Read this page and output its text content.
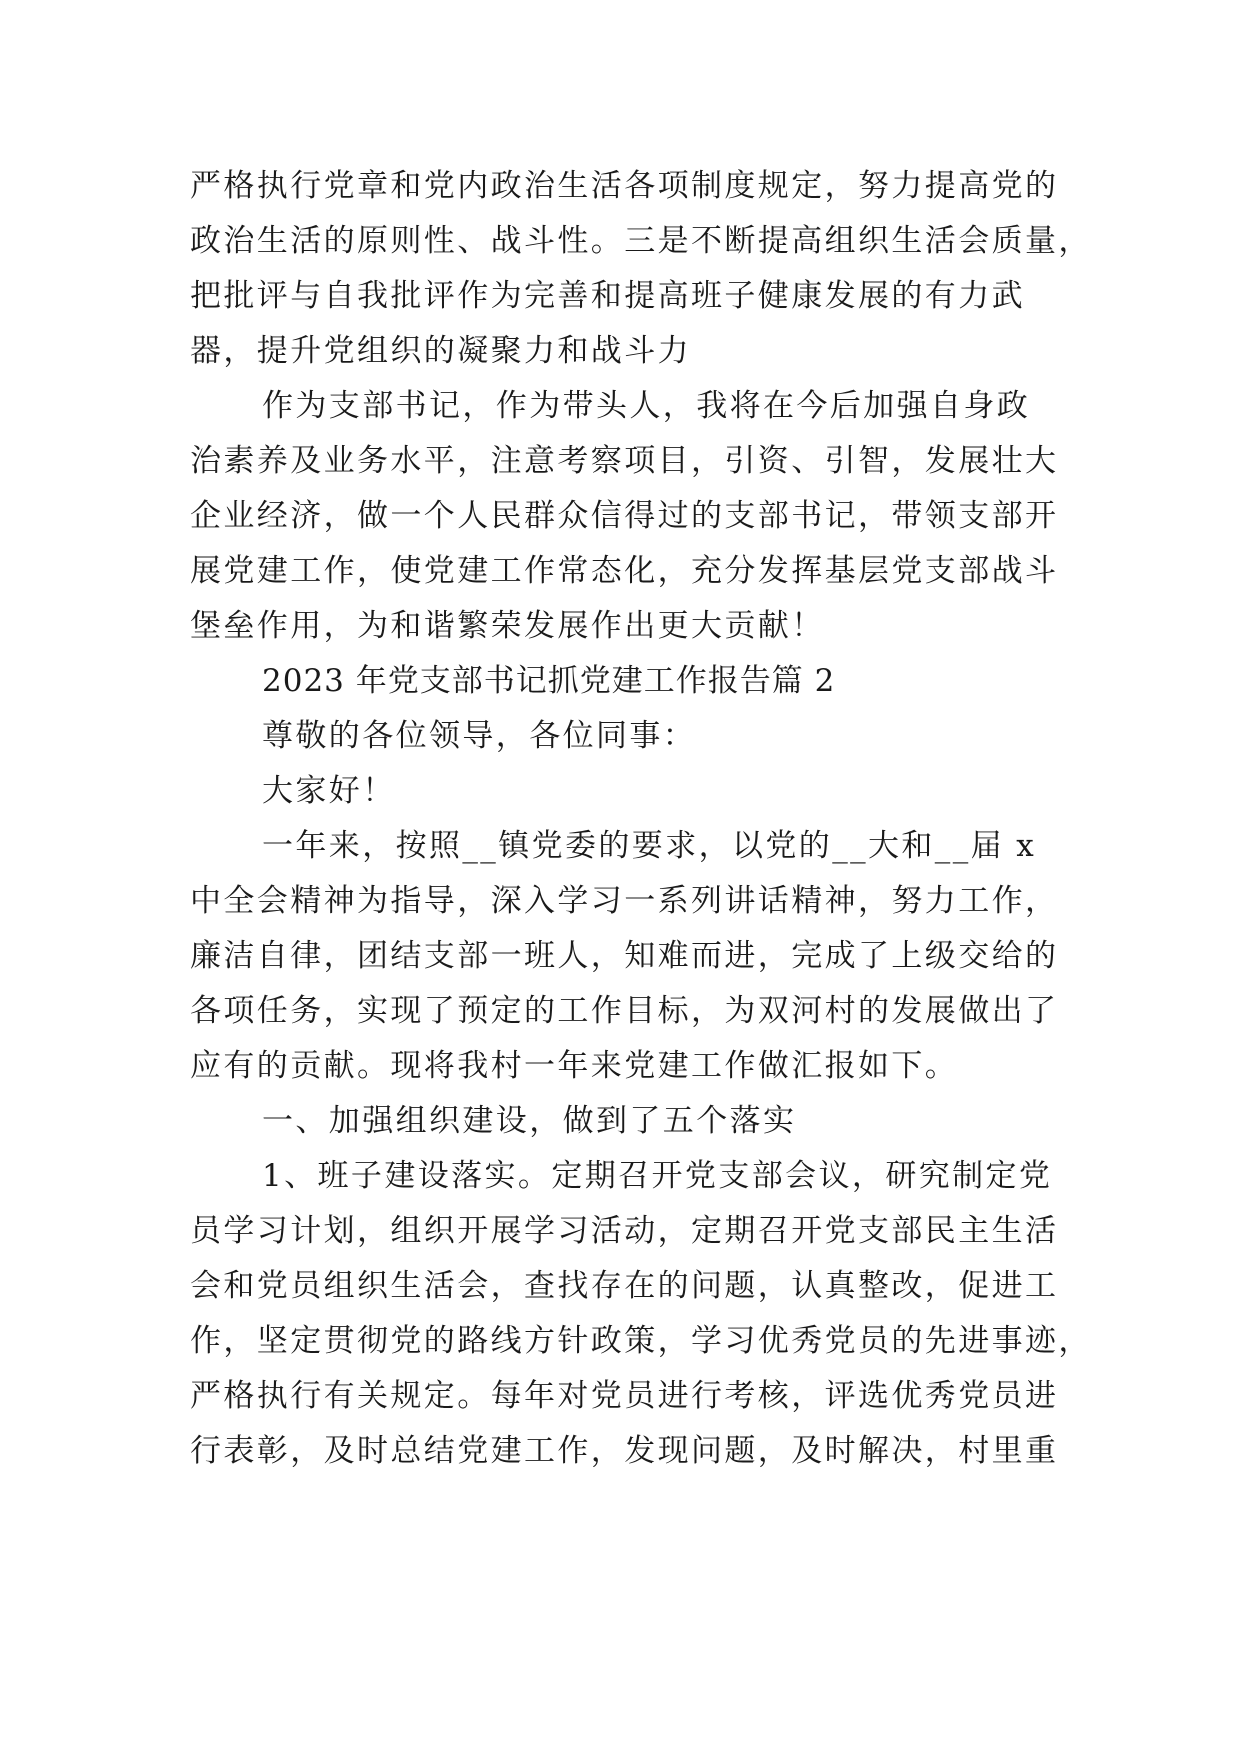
严格执行党章和党内政治生活各项制度规定，努力提高党的
政治生活的原则性、战斗性。三是不断提高组织生活会质量，
把批评与自我批评作为完善和提高班子健康发展的有力武
器，提升党组织的凝聚力和战斗力
作为支部书记，作为带头人，我将在今后加强自身政
治素养及业务水平，注意考察项目，引资、引智，发展壮大
企业经济，做一个人民群众信得过的支部书记，带领支部开
展党建工作，使党建工作常态化，充分发挥基层党支部战斗
堡垒作用，为和谐繁荣发展作出更大贡献！
2023 年党支部书记抓党建工作报告篇 2
尊敬的各位领导，各位同事：
大家好！
一年来，按照__镇党委的要求，以党的__大和__届 x
中全会精神为指导，深入学习一系列讲话精神，努力工作，
廉洁自律，团结支部一班人，知难而进，完成了上级交给的
各项任务，实现了预定的工作目标，为双河村的发展做出了
应有的贡献。现将我村一年来党建工作做汇报如下。
一、加强组织建设，做到了五个落实
1、班子建设落实。定期召开党支部会议，研究制定党
员学习计划，组织开展学习活动，定期召开党支部民主生活
会和党员组织生活会，查找存在的问题，认真整改，促进工
作，坚定贯彻党的路线方针政策，学习优秀党员的先进事迹，
严格执行有关规定。每年对党员进行考核，评选优秀党员进
行表彰，及时总结党建工作，发现问题，及时解决，村里重
